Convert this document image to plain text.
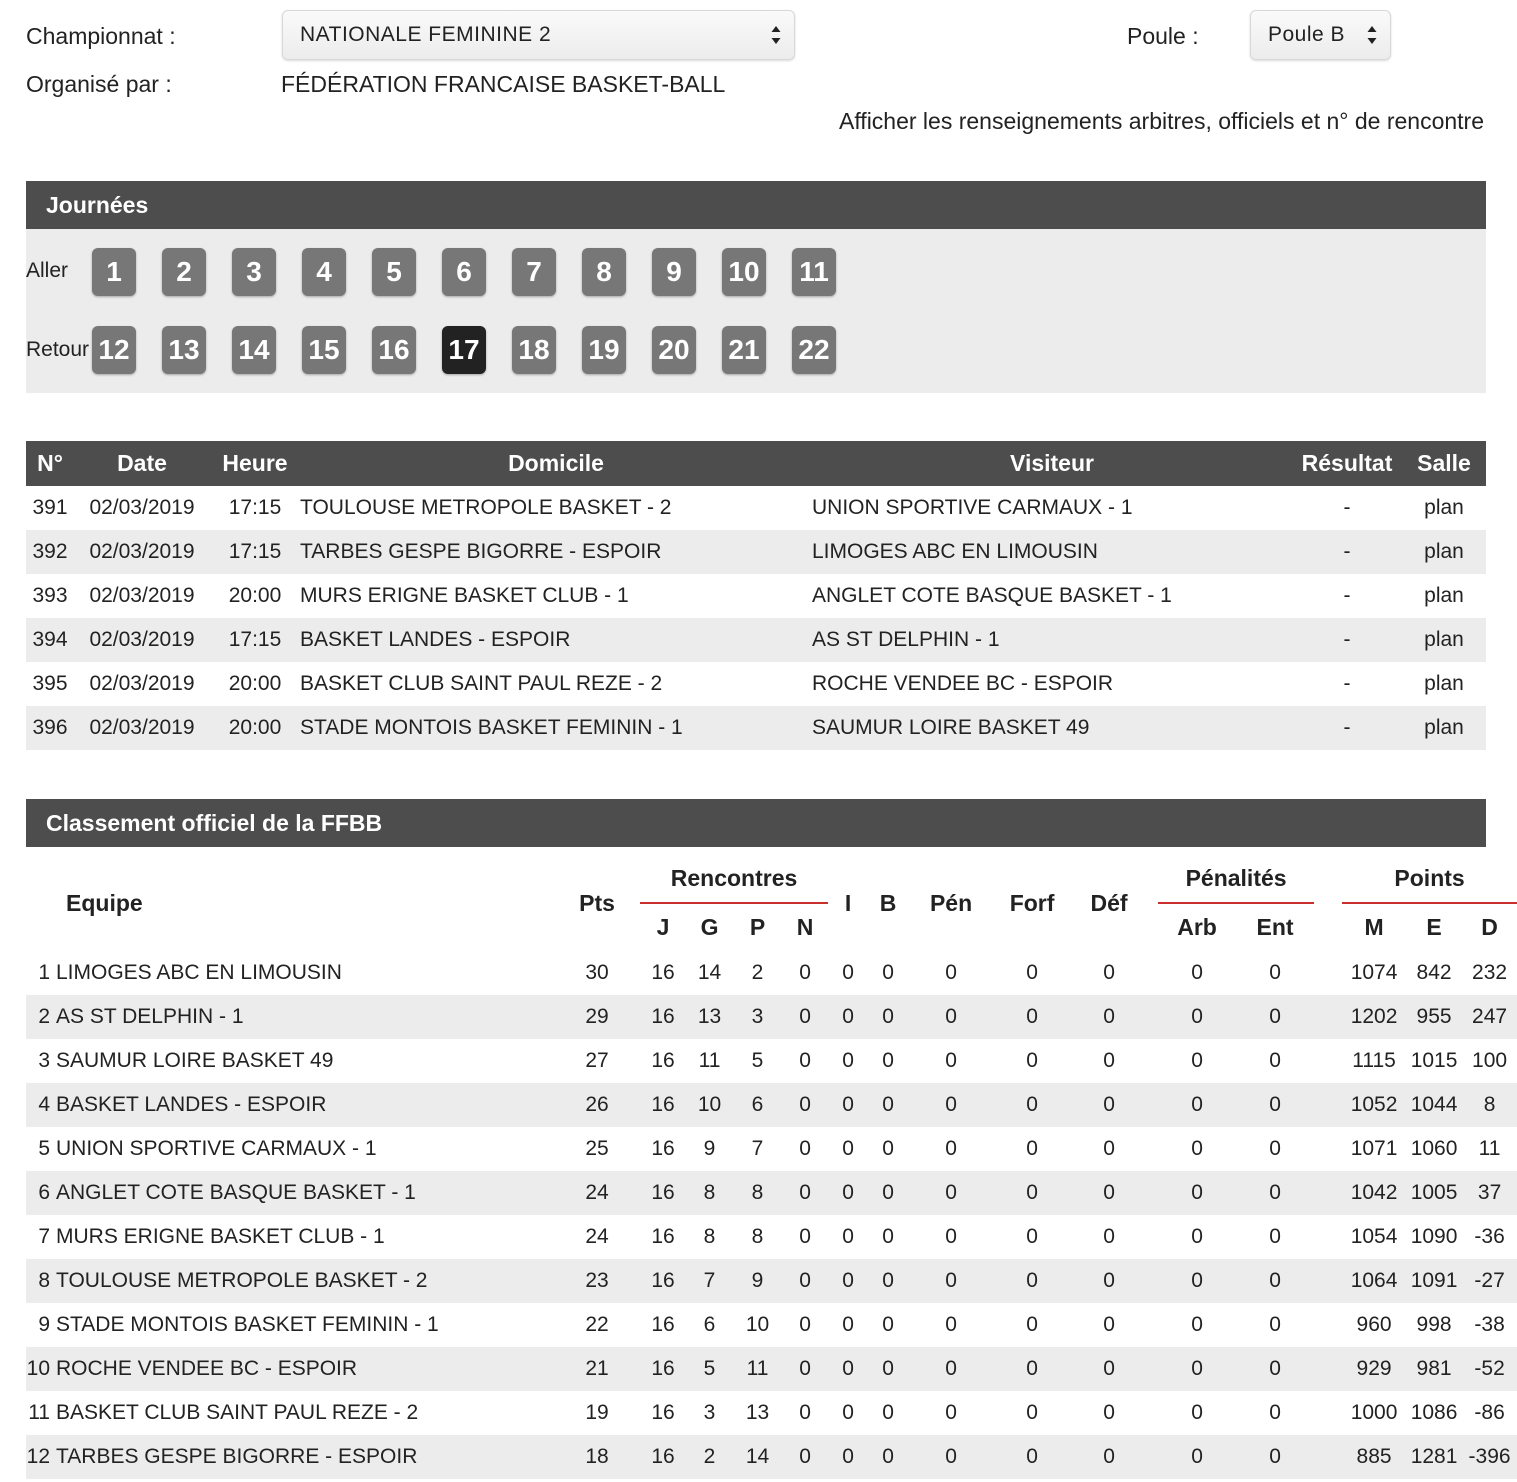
Championnat :	NATIONALE FEMININE 2	Poule :	Poule B
Organisé par :	FÉDÉRATION FRANCAISE BASKET-BALL
Afficher les renseignements arbitres, officiels et n° de rencontre
Journées
Aller
Retour
1	2	3	4	5	6	7	8	9	10 11
12 13 14 15 16 17 18 19 20 21 22
N°	Date	Heure	Domicile	Visiteur	Résultat	Salle
391	02/03/2019	17:15	TOULOUSE METROPOLE BASKET - 2	UNION SPORTIVE CARMAUX - 1	-	plan
392	02/03/2019	17:15	TARBES GESPE BIGORRE - ESPOIR	LIMOGES ABC EN LIMOUSIN	-	plan
393	02/03/2019	20:00	MURS ERIGNE BASKET CLUB - 1	ANGLET COTE BASQUE BASKET - 1	-	plan
394	02/03/2019	17:15	BASKET LANDES - ESPOIR	AS ST DELPHIN - 1	-	plan
395	02/03/2019	20:00	BASKET CLUB SAINT PAUL REZE - 2	ROCHE VENDEE BC - ESPOIR	-	plan
396	02/03/2019	20:00	STADE MONTOIS BASKET FEMININ - 1	SAUMUR LOIRE BASKET 49	-	plan
Classement officiel de la FFBB
Equipe		Pts		Rencontres				I	B	Pén	Forf	Déf		Pénalités			Points		
				J	G	P	N							Arb	Ent		M	E	D
1	LIMOGES ABC EN LIMOUSIN	30		16	14	2	0	0	0	0	0	0		0	0		1074	842	232
2	AS ST DELPHIN - 1	29		16	13	3	0	0	0	0	0	0		0	0		1202	955	247
3	SAUMUR LOIRE BASKET 49	27		16	11	5	0	0	0	0	0	0		0	0		1115	1015	100
4	BASKET LANDES - ESPOIR	26		16	10	6	0	0	0	0	0	0		0	0		1052	1044	8
5	UNION SPORTIVE CARMAUX - 1	25		16	9	7	0	0	0	0	0	0		0	0		1071	1060	11
6	ANGLET COTE BASQUE BASKET - 1	24		16	8	8	0	0	0	0	0	0		0	0		1042	1005	37
7	MURS ERIGNE BASKET CLUB - 1	24		16	8	8	0	0	0	0	0	0		0	0		1054	1090	-36
8	TOULOUSE METROPOLE BASKET - 2	23		16	7	9	0	0	0	0	0	0		0	0		1064	1091	-27
9	STADE MONTOIS BASKET FEMININ - 1	22		16	6	10	0	0	0	0	0	0		0	0		960	998	-38
10	ROCHE VENDEE BC - ESPOIR	21		16	5	11	0	0	0	0	0	0		0	0		929	981	-52
11	BASKET CLUB SAINT PAUL REZE - 2	19		16	3	13	0	0	0	0	0	0		0	0		1000	1086	-86
12	TARBES GESPE BIGORRE - ESPOIR	18		16	2	14	0	0	0	0	0	0		0	0		885	1281	-396
